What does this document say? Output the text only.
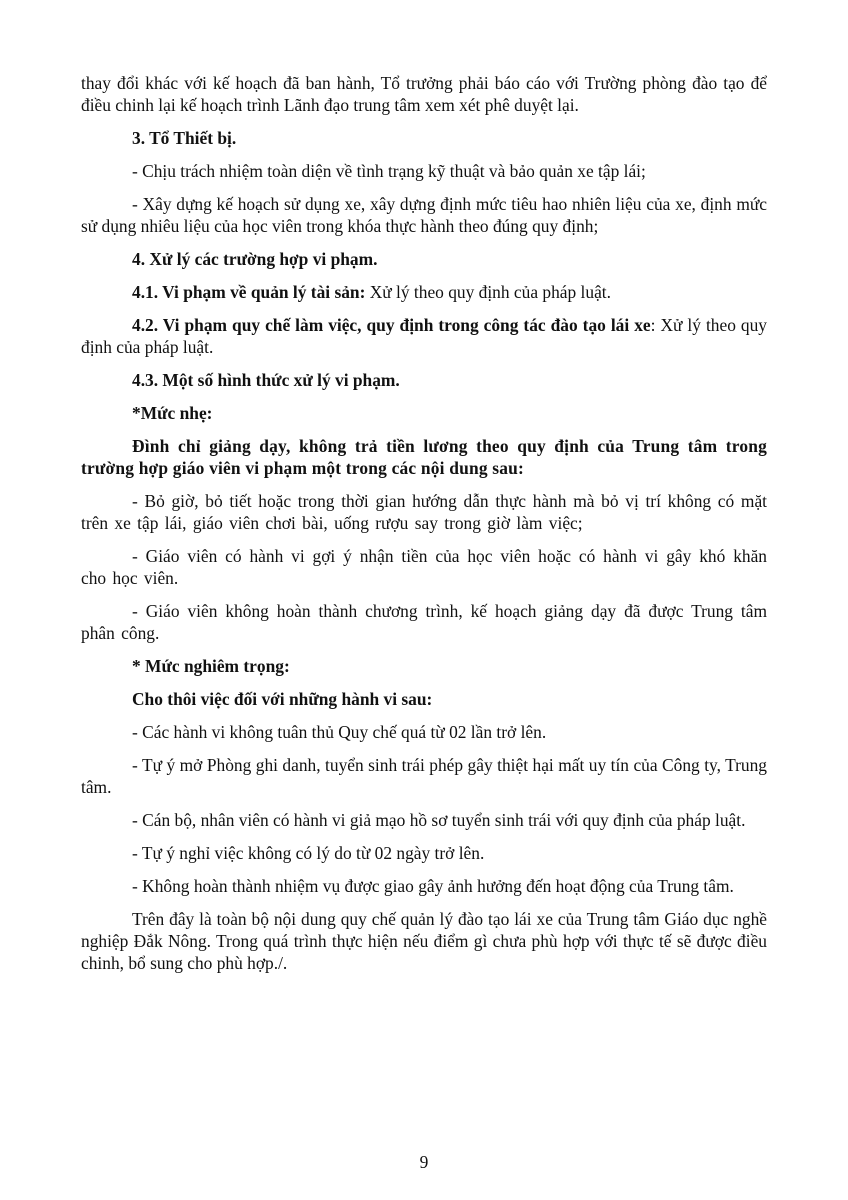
thay đổi khác với kế hoạch đã ban hành, Tổ trưởng phải báo cáo với Trường phòng đào tạo để điều chinh lại kế hoạch trình Lãnh đạo trung tâm xem xét phê duyệt lại.

3. Tổ Thiết bị.

- Chịu trách nhiệm toàn diện về tình trạng kỹ thuật và bảo quản xe tập lái;

- Xây dựng kế hoạch sử dụng xe, xây dựng định mức tiêu hao nhiên liệu của xe, định mức sử dụng nhiêu liệu của học viên trong khóa thực hành theo đúng quy định;

4. Xử lý các trường hợp vi phạm.

4.1. Vi phạm về quản lý tài sản: Xử lý theo quy định của pháp luật.

4.2. Vi phạm quy chế làm việc, quy định trong công tác đào tạo lái xe: Xử lý theo quy định của pháp luật.

4.3. Một số hình thức xử lý vi phạm.

*Mức nhẹ:

Đình chỉ giảng dạy, không trả tiền lương theo quy định của Trung tâm trong trường hợp giáo viên vi phạm một trong các nội dung sau:

- Bỏ giờ, bỏ tiết hoặc trong thời gian hướng dẫn thực hành mà bỏ vị trí không có mặt trên xe tập lái, giáo viên chơi bài, uống rượu say trong giờ làm việc;

- Giáo viên có hành vi gợi ý nhận tiền của học viên hoặc có hành vi gây khó khăn cho học viên.

- Giáo viên không hoàn thành chương trình, kế hoạch giảng dạy đã được Trung tâm phân công.

* Mức nghiêm trọng:

Cho thôi việc đối với những hành vi sau:

- Các hành vi không tuân thủ Quy chế quá từ 02 lần trở lên.

- Tự ý mở Phòng ghi danh, tuyển sinh trái phép gây thiệt hại mất uy tín của Công ty, Trung tâm.

- Cán bộ, nhân viên có hành vi giả mạo hồ sơ tuyển sinh trái với quy định của pháp luật.

- Tự ý nghỉ việc không có lý do từ 02 ngày trở lên.

- Không hoàn thành nhiệm vụ được giao gây ảnh hưởng đến hoạt động của Trung tâm.

Trên đây là toàn bộ nội dung quy chế quản lý đào tạo lái xe của Trung tâm Giáo dục nghề nghiệp Đắk Nông. Trong quá trình thực hiện nếu điểm gì chưa phù hợp với thực tế sẽ được điều chinh, bổ sung cho phù hợp./.

9
